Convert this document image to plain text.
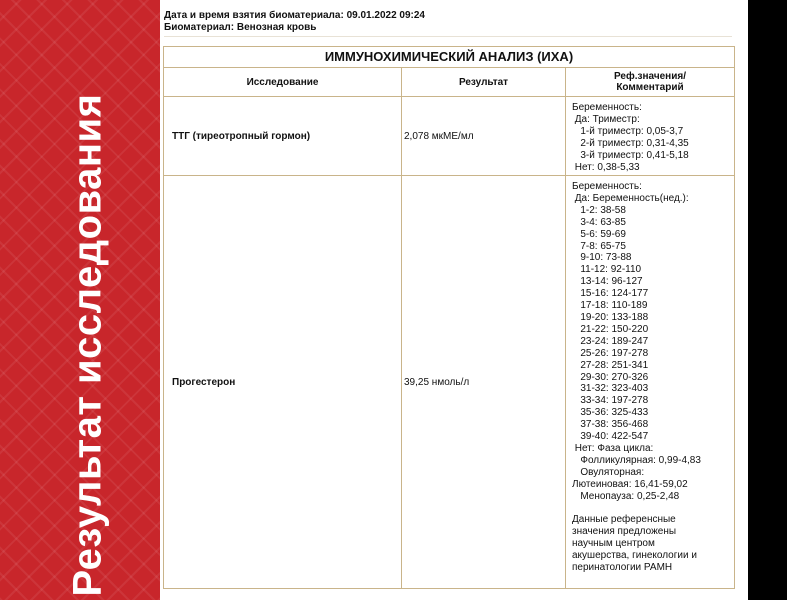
Результат исследования
Дата и время взятия биоматериала: 09.01.2022 09:24
Биоматериал: Венозная кровь
ИММУНОХИМИЧЕСКИЙ АНАЛИЗ (ИХА)
Исследование	Результат	Реф.значения/
Комментарий
ТТГ (тиреотропный гормон)	2,078 мкМЕ/мл
Беременность:
Да: Триместр:
1-й триместр: 0,05-3,7
2-й триместр: 0,31-4,35
3-й триместр: 0,41-5,18
Нет: 0,38-5,33
Прогестерон	39,25 нмоль/л
Беременность:
Да: Беременность(нед.):
1-2: 38-58
3-4: 63-85
5-6: 59-69
7-8: 65-75
9-10: 73-88
11-12: 92-110
13-14: 96-127
15-16: 124-177
17-18: 110-189
19-20: 133-188
21-22: 150-220
23-24: 189-247
25-26: 197-278
27-28: 251-341
29-30: 270-326
31-32: 323-403
33-34: 197-278
35-36: 325-433
37-38: 356-468
39-40: 422-547
Нет: Фаза цикла:
Фолликулярная: 0,99-4,83
Овуляторная:
Лютеиновая: 16,41-59,02
Менопауза: 0,25-2,48

Данные референсные
значения предложены
научным центром
акушерства, гинекологии и
перинатологии РАМН
